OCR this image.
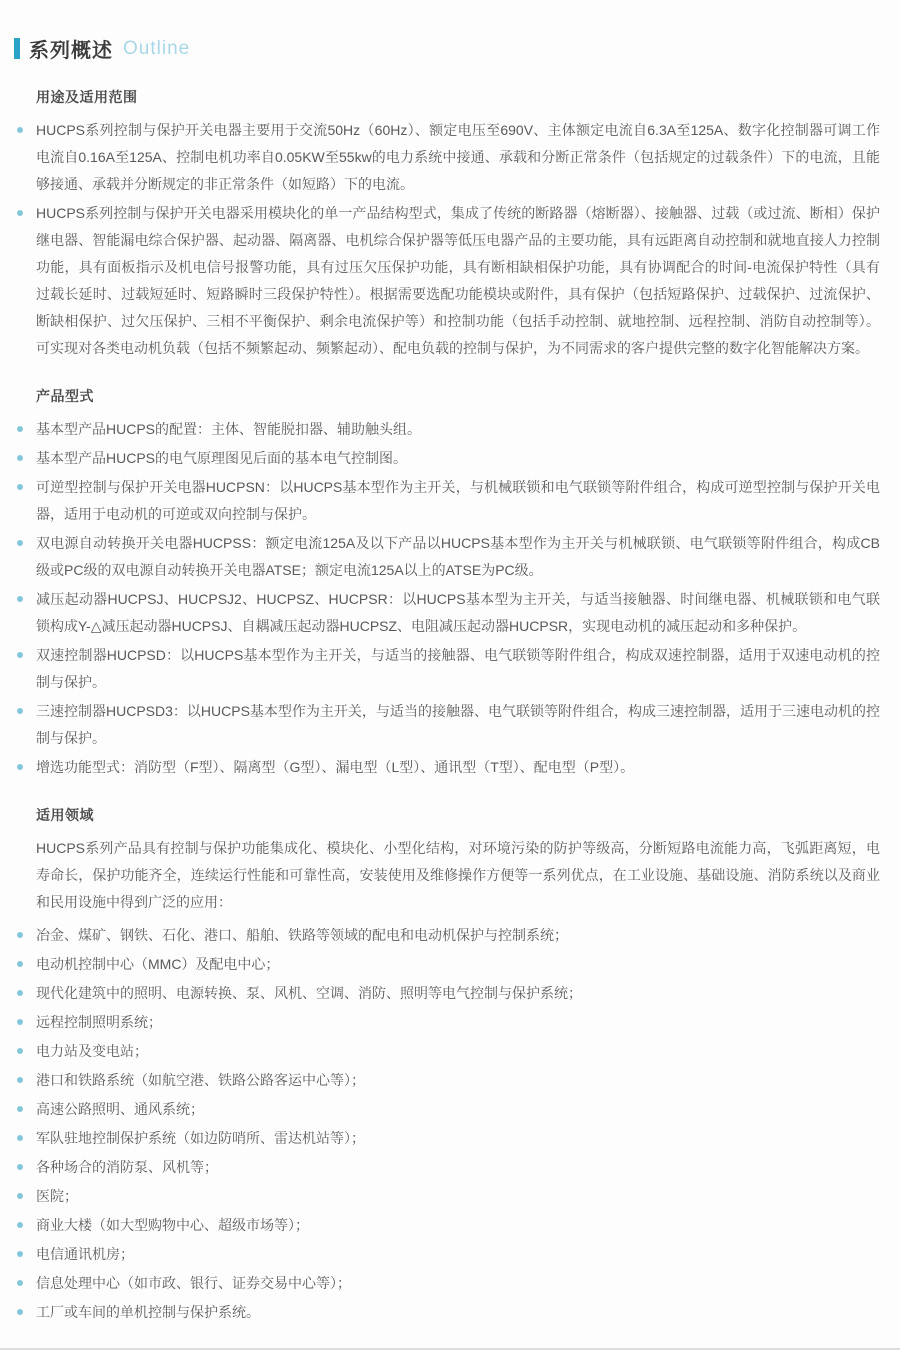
系列概述 Outline
用途及适用范围
HUCPS系列控制与保护开关电器主要用于交流50Hz（60Hz）、额定电压至690V、主体额定电流自6.3A至125A、数字化控制器可调工作电流自0.16A至125A、控制电机功率自0.05KW至55kw的电力系统中接通、承载和分断正常条件（包括规定的过载条件）下的电流，且能够接通、承载并分断规定的非正常条件（如短路）下的电流。
HUCPS系列控制与保护开关电器采用模块化的单一产品结构型式，集成了传统的断路器（熔断器）、接触器、过载（或过流、断相）保护继电器、智能漏电综合保护器、起动器、隔离器、电机综合保护器等低压电器产品的主要功能，具有远距离自动控制和就地直接人力控制功能，具有面板指示及机电信号报警功能，具有过压欠压保护功能，具有断相缺相保护功能，具有协调配合的时间-电流保护特性（具有过载长延时、过载短延时、短路瞬时三段保护特性）。根据需要选配功能模块或附件，具有保护（包括短路保护、过载保护、过流保护、断缺相保护、过欠压保护、三相不平衡保护、剩余电流保护等）和控制功能（包括手动控制、就地控制、远程控制、消防自动控制等）。可实现对各类电动机负载（包括不频繁起动、频繁起动）、配电负载的控制与保护，为不同需求的客户提供完整的数字化智能解决方案。
产品型式
基本型产品HUCPS的配置：主体、智能脱扣器、辅助触头组。
基本型产品HUCPS的电气原理图见后面的基本电气控制图。
可逆型控制与保护开关电器HUCPSN：以HUCPS基本型作为主开关，与机械联锁和电气联锁等附件组合，构成可逆型控制与保护开关电器，适用于电动机的可逆或双向控制与保护。
双电源自动转换开关电器HUCPSS：额定电流125A及以下产品以HUCPS基本型作为主开关与机械联锁、电气联锁等附件组合，构成CB级或PC级的双电源自动转换开关电器ATSE；额定电流125A以上的ATSE为PC级。
减压起动器HUCPSJ、HUCPSJ2、HUCPSZ、HUCPSR：以HUCPS基本型为主开关，与适当接触器、时间继电器、机械联锁和电气联锁构成Y-△减压起动器HUCPSJ、自耦减压起动器HUCPSZ、电阻减压起动器HUCPSR，实现电动机的减压起动和多种保护。
双速控制器HUCPSD：以HUCPS基本型作为主开关，与适当的接触器、电气联锁等附件组合，构成双速控制器，适用于双速电动机的控制与保护。
三速控制器HUCPSD3：以HUCPS基本型作为主开关，与适当的接触器、电气联锁等附件组合，构成三速控制器，适用于三速电动机的控制与保护。
增选功能型式：消防型（F型）、隔离型（G型）、漏电型（L型）、通讯型（T型）、配电型（P型）。
适用领域

HUCPS系列产品具有控制与保护功能集成化、模块化、小型化结构，对环境污染的防护等级高，分断短路电流能力高，飞弧距离短，电寿命长，保护功能齐全，连续运行性能和可靠性高，安装使用及维修操作方便等一系列优点，在工业设施、基础设施、消防系统以及商业和民用设施中得到广泛的应用：

冶金、煤矿、钢铁、石化、港口、船舶、铁路等领域的配电和电动机保护与控制系统；
电动机控制中心（MMC）及配电中心；
现代化建筑中的照明、电源转换、泵、风机、空调、消防、照明等电气控制与保护系统；
远程控制照明系统；
电力站及变电站；
港口和铁路系统（如航空港、铁路公路客运中心等）；
高速公路照明、通风系统；
军队驻地控制保护系统（如边防哨所、雷达机站等）；
各种场合的消防泵、风机等；
医院；
商业大楼（如大型购物中心、超级市场等）；
电信通讯机房；
信息处理中心（如市政、银行、证券交易中心等）；
工厂或车间的单机控制与保护系统。
